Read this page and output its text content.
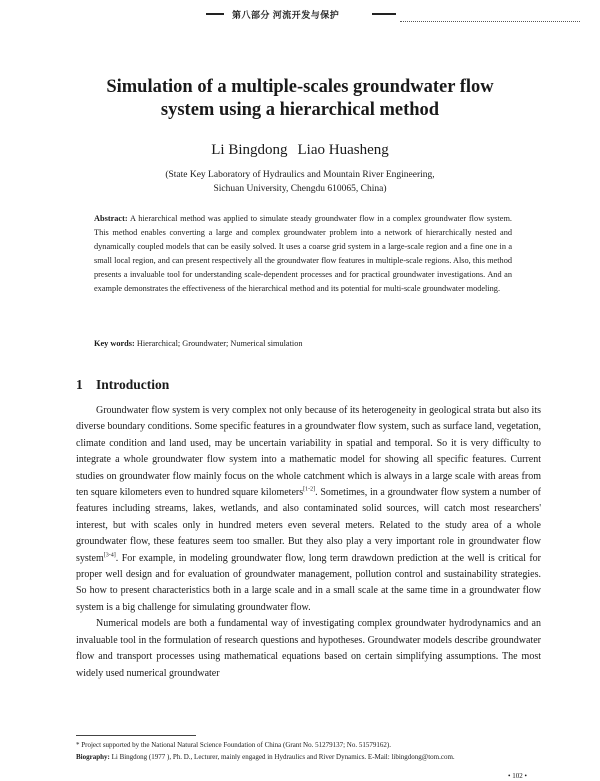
第八部分 河流开发与保护
Simulation of a multiple-scales groundwater flow
system using a hierarchical method
Li Bingdong Liao Huasheng
(State Key Laboratory of Hydraulics and Mountain River Engineering,
Sichuan University, Chengdu 610065, China)
Abstract: A hierarchical method was applied to simulate steady groundwater flow in a complex groundwater flow system. This method enables converting a large and complex groundwater problem into a network of hierarchically nested and dynamically coupled models that can be easily solved. It uses a coarse grid system in a large-scale region and a fine one in a small local region, and can present respectively all the groundwater flow features in multiple-scale regions. Also, this method presents a invaluable tool for understanding scale-dependent processes and for practical groundwater investigations. And an example demonstrates the effectiveness of the hierarchical method and its potential for multi-scale groundwater modeling.
Key words: Hierarchical; Groundwater; Numerical simulation
1 Introduction

Groundwater flow system is very complex not only because of its heterogeneity in geological strata but also its diverse boundary conditions. Some specific features in a groundwater flow system, such as surface land, vegetation, climate condition and land used, may be uncertain variability in spatial and temporal. So it is very difficulty to integrate a whole groundwater flow system into a mathematic model for showing all specific features. Current studies on groundwater flow mainly focus on the whole catchment which is always in a large scale with areas from ten square kilometers even to hundred square kilometers[1-2]. Sometimes, in a groundwater flow system a number of features including streams, lakes, wetlands, and also contaminated solid sources, will catch most researchers' interest, but with scales only in hundred meters even several meters. Related to the study area of a whole groundwater flow, these features seem too smaller. But they also play a very important role in groundwater flow system[3-4]. For example, in modeling groundwater flow, long term drawdown prediction at the well is critical for proper well design and for evaluation of groundwater management, pollution control and sustainability strategies. So how to present characteristics both in a large scale and in a small scale at the same time in a groundwater flow system is a big challenge for simulating groundwater flow.

Numerical models are both a fundamental way of investigating complex groundwater hydrodynamics and an invaluable tool in the formulation of research questions and hypotheses. Groundwater models describe groundwater flow and transport processes using mathematical equations based on certain simplifying assumptions. The most widely used numerical groundwater

* Project supported by the National Natural Science Foundation of China (Grant No. 51279137; No. 51579162).
Biography: Li Bingdong (1977 ), Ph. D., Lecturer, mainly engaged in Hydraulics and River Dynamics. E-Mail: libingdong@tom.com.
• 102 •
